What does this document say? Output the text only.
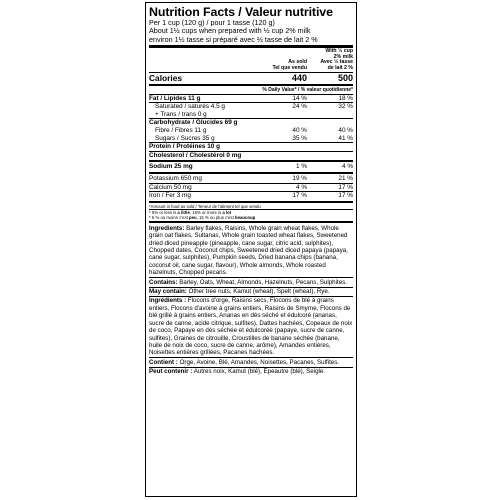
Nutrition Facts / Valeur nutritive
Per 1 cup (120 g) / pour 1 tasse (120 g)
About 1½ cups when prepared with ½ cup 2% milk
environ 1½ tasse si préparé avec ½ tasse de lait 2 %
As sold
Tel que vendu
With ½ cup
2% milk
Avec ½ tasse
de lait 2 %
Calories	440	500
% Daily Value* / % valeur quotidienne*
Fat / Lipides 11 g	14 %	18 %
Saturated / saturés 4.5 g	24 %	32 %
+ Trans / trans 0 g
Carbohydrate / Glucides 69 g
Fibre / Fibres 11 g	40 %	40 %
Sugars / Sucres 35 g	35 %	41 %
Protein / Protéines 10 g
Cholesterol / Cholestérol 0 mg
Sodium 25 mg	1 %	4 %
Potassium 650 mg	19 %	21 %
Calcium 50 mg	4 %	17 %
Iron / Fer 3 mg	17 %	17 %
*Amount in food as sold / Teneur de l'aliment tel que vendu
* 5% or less is a little, 15% or more is a lot
* 5 % ou moins c'est peu, 15 % ou plus c'est beaucoup
Ingredients: Barley flakes, Raisins, Whole grain wheat flakes, Whole grain oat flakes, Sultanas, Whole grain toasted wheat flakes, Sweetened dried diced pineapple (pineapple, cane sugar, citric acid, sulphites), Chopped dates, Coconut chips, Sweetened dried diced papaya (papaya, cane sugar, sulphites), Pumpkin seeds, Dried banana chips (banana, coconut oil, cane sugar, flavour), Whole almonds, Whole roasted hazelnuts, Chopped pecans.
Contains: Barley, Oats, Wheat, Almonds, Hazelnuts, Pecans, Sulphites.
May contain: Other tree nuts, Kamut (wheat), Spelt (wheat), Rye.
Ingrédients : Flocons d'orge, Raisins secs, Flocons de blé à grains entiers, Flocons d'avoine à grains entiers, Raisins de Smyrne, Flocons de blé grillé à grains entiers, Ananas en dés séché et édulcoré (ananas, sucre de canne, acide citrique, sulfites), Dattes hachées, Copeaux de noix de coco, Papaye en dés séchée et édulcorée (papaye, sucre de canne, sulfites), Graines de citrouille, Croustilles de banane séchée (banane, huile de noix de coco, sucre de canne, arôme), Amandes entières, Noisettes entières grillées, Pacanes hachées.
Contient : Orge, Avoine, Blé, Amandes, Noisettes, Pacanes, Sulfites.
Peut contenir : Autres noix, Kamut (blé), Épeautre (blé), Seigle.
